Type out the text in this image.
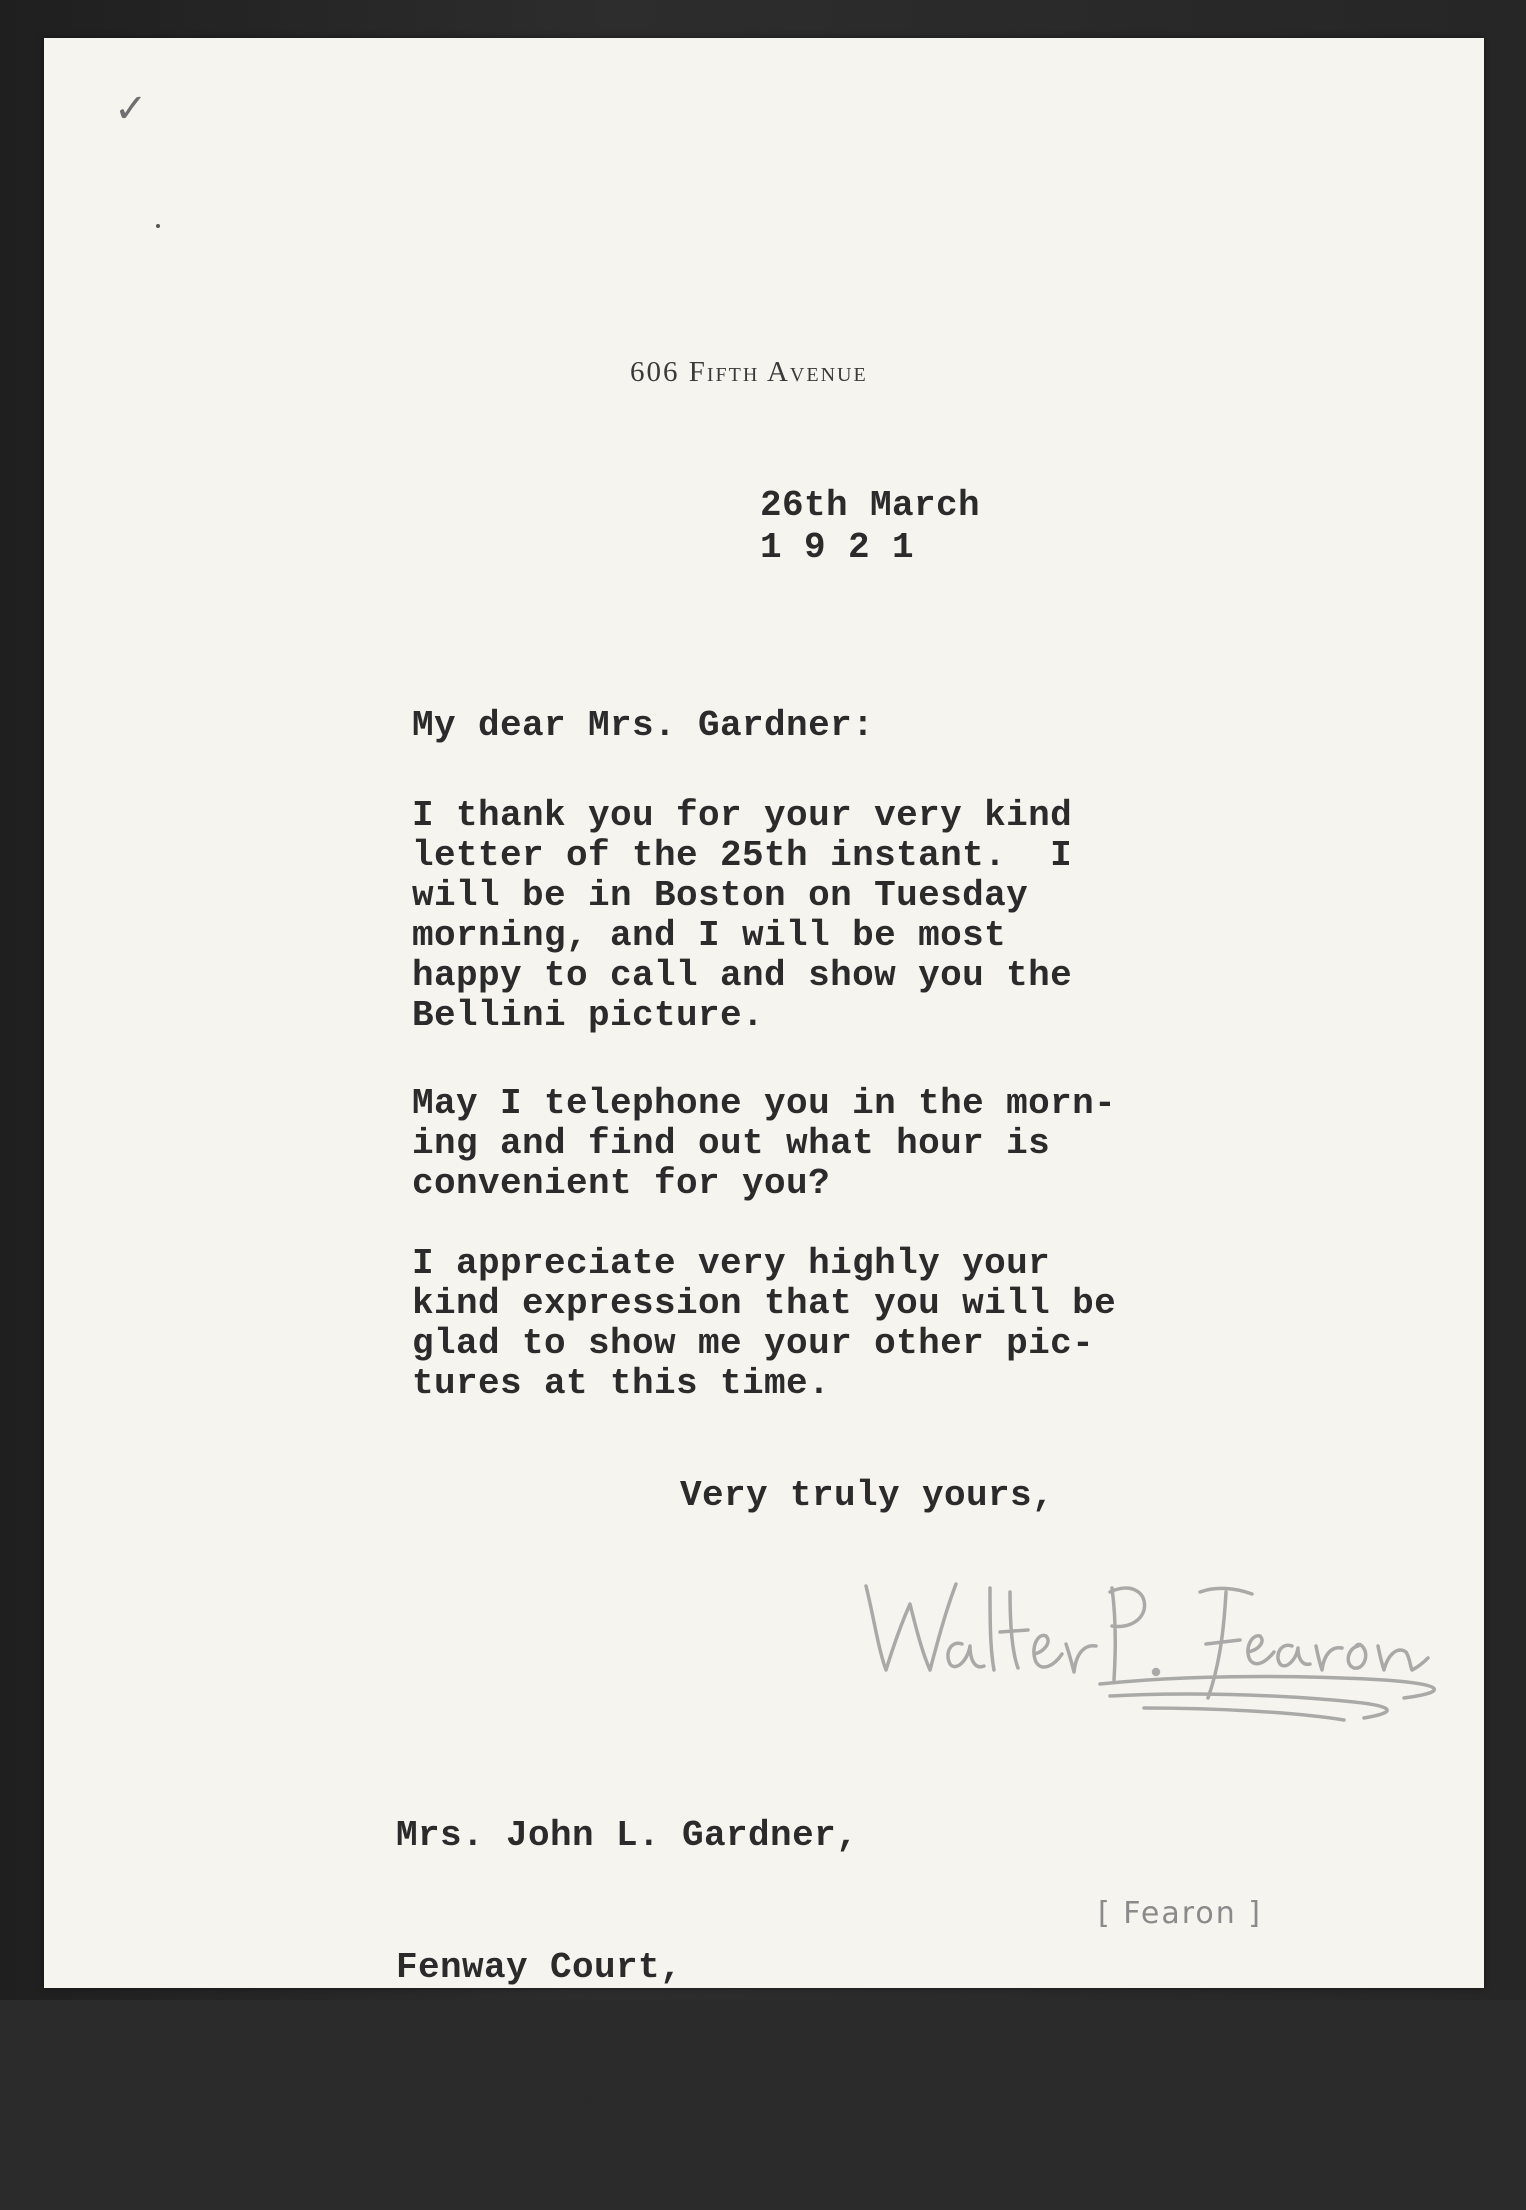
✓
606 Fifth Avenue
26th March
1 9 2 1
My dear Mrs. Gardner:
I thank you for your very kind
letter of the 25th instant.  I
will be in Boston on Tuesday
morning, and I will be most
happy to call and show you the
Bellini picture.
May I telephone you in the morn-
ing and find out what hour is
convenient for you?
I appreciate very highly your
kind expression that you will be
glad to show me your other pic-
tures at this time.
Very truly yours,

Mrs. John L. Gardner,

Fenway Court,

Boston, Mass.

[ Fearon ]
